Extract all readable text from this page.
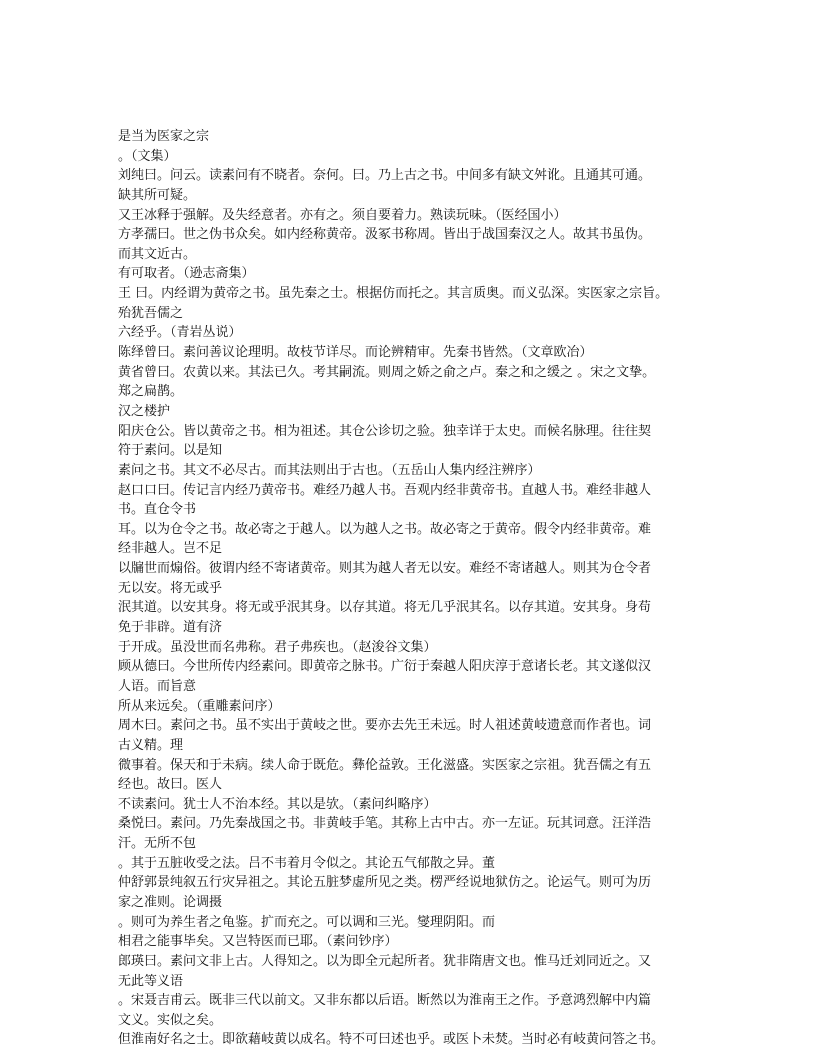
是当为医家之宗
。（文集）
刘纯曰。问云。读素问有不晓者。奈何。曰。乃上古之书。中间多有缺文舛讹。且通其可通。
缺其所可疑。
又王冰释于强解。及失经意者。亦有之。须自要着力。熟读玩味。（医经国小）
方孝孺曰。世之伪书众矣。如内经称黄帝。汲冢书称周。皆出于战国秦汉之人。故其书虽伪。
而其文近古。
有可取者。（逊志斋集）
王 曰。内经谓为黄帝之书。虽先秦之士。根据仿而托之。其言质奥。而义弘深。实医家之宗旨。
殆犹吾儒之
六经乎。（青岩丛说）
陈绎曾曰。素问善议论理明。故枝节详尽。而论辨精审。先秦书皆然。（文章欧冶）
黄省曾曰。农黄以来。其法已久。考其嗣流。则周之娇之俞之卢。秦之和之缓之 。宋之文挚。
郑之扁鹊。
汉之楼护
阳庆仓公。皆以黄帝之书。相为祖述。其仓公诊切之验。独幸详于太史。而候名脉理。往往契
符于素问。以是知
素问之书。其文不必尽古。而其法则出于古也。（五岳山人集内经注辨序）
赵口口曰。传记言内经乃黄帝书。难经乃越人书。吾观内经非黄帝书。直越人书。难经非越人
书。直仓令书
耳。以为仓令之书。故必寄之于越人。以为越人之书。故必寄之于黄帝。假令内经非黄帝。难
经非越人。岂不足
以牖世而煽俗。彼谓内经不寄诸黄帝。则其为越人者无以安。难经不寄诸越人。则其为仓令者
无以安。将无或乎
泯其道。以安其身。将无或乎泯其身。以存其道。将无几乎泯其名。以存其道。安其身。身苟
免于非辟。道有济
于开成。虽没世而名弗称。君子弗疾也。（赵浚谷文集）
顾从德曰。今世所传内经素问。即黄帝之脉书。广衍于秦越人阳庆淳于意诸长老。其文遂似汉
人语。而旨意
所从来远矣。（重雕素问序）
周木曰。素问之书。虽不实出于黄岐之世。要亦去先王未远。时人祖述黄岐遗意而作者也。词
古义精。理
微事着。保天和于未病。续人命于既危。彝伦益敦。王化滋盛。实医家之宗祖。犹吾儒之有五
经也。故曰。医人
不读素问。犹士人不治本经。其以是欤。（素问纠略序）
桑悦曰。素问。乃先秦战国之书。非黄岐手笔。其称上古中古。亦一左证。玩其词意。汪洋浩
汗。无所不包
。其于五脏收受之法。吕不韦着月令似之。其论五气郁散之异。董
仲舒郭景纯叙五行灾异祖之。其论五脏梦虚所见之类。楞严经说地狱仿之。论运气。则可为历
家之准则。论调摄
。则可为养生者之龟鉴。扩而充之。可以调和三光。燮理阴阳。而
相君之能事毕矣。又岂特医而已耶。（素问钞序）
郎瑛曰。素问文非上古。人得知之。以为即全元起所者。犹非隋唐文也。惟马迁刘同近之。又
无此等义语
。宋聂吉甫云。既非三代以前文。又非东都以后语。断然以为淮南王之作。予意鸿烈解中内篇
文义。实似之矣。
但淮南好名之士。即欲藉岐黄以成名。特不可曰述也乎。或医卜未焚。当时必有岐黄问答之书。
